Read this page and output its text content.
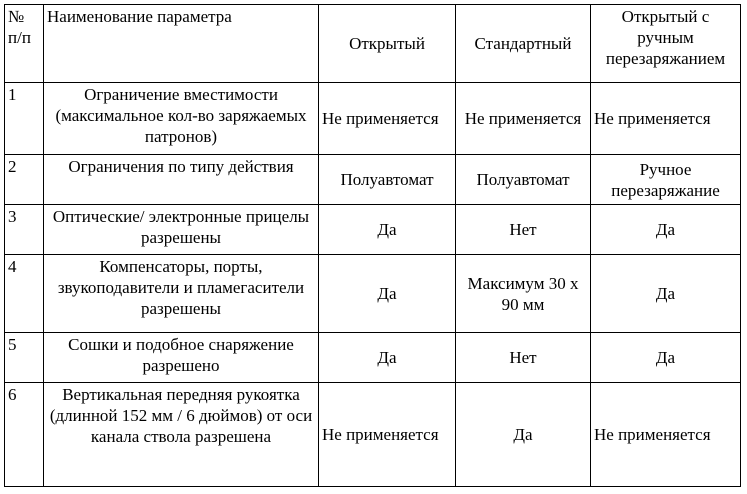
№ п/п	Наименование параметра	Открытый	Стандартный	Открытый с ручным перезаряжанием
1	Ограничение вместимости (максимальное кол-во заряжаемых патронов)	Не применяется	Не применяется	Не применяется
2	Ограничения по типу действия	Полуавтомат	Полуавтомат	Ручное перезаряжание
3	Оптические/ электронные прицелы разрешены	Да	Нет	Да
4	Компенсаторы, порты, звукоподавители и пламегасители разрешены	Да	Максимум 30 х 90 мм	Да
5	Сошки и подобное снаряжение разрешено	Да	Нет	Да
6	Вертикальная передняя рукоятка (длинной 152 мм / 6 дюймов) от оси канала ствола разрешена	Не применяется	Да	Не применяется
